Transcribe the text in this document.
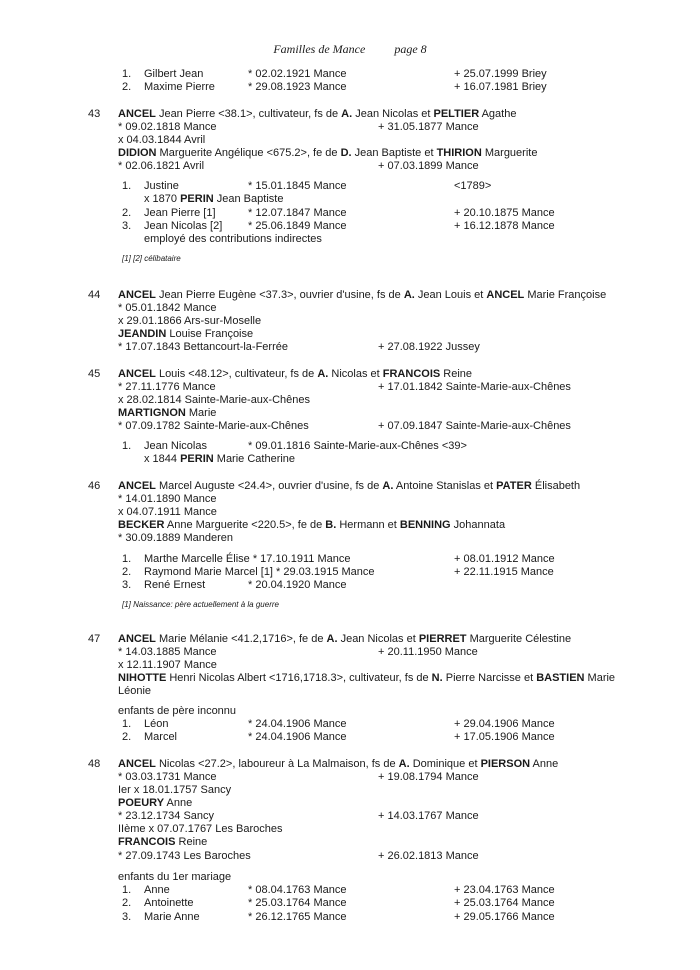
Familles de Mance page 8
1. Gilbert Jean	* 02.02.1921 Mance	+ 25.07.1999 Briey
2. Maxime Pierre	* 29.08.1923 Mance	+ 16.07.1981 Briey
43 ANCEL Jean Pierre <38.1>, cultivateur, fs de A. Jean Nicolas et PELTIER Agathe
* 09.02.1818 Mance	+ 31.05.1877 Mance
x 04.03.1844 Avril
DIDION Marguerite Angélique <675.2>, fe de D. Jean Baptiste et THIRION Marguerite
* 02.06.1821 Avril	+ 07.03.1899 Mance
1. Justine	* 15.01.1845 Mance	<1789>
x 1870 PERIN Jean Baptiste
2. Jean Pierre [1]	* 12.07.1847 Mance	+ 20.10.1875 Mance
3. Jean Nicolas [2] * 25.06.1849 Mance	+ 16.12.1878 Mance
employé des contributions indirectes
[1] [2] célibataire
44 ANCEL Jean Pierre Eugène <37.3>, ouvrier d'usine, fs de A. Jean Louis et ANCEL Marie Françoise
* 05.01.1842 Mance
x 29.01.1866 Ars-sur-Moselle
JEANDIN Louise Françoise
* 17.07.1843 Bettancourt-la-Ferrée	+ 27.08.1922 Jussey
45 ANCEL Louis <48.12>, cultivateur, fs de A. Nicolas et FRANCOIS Reine
* 27.11.1776 Mance	+ 17.01.1842 Sainte-Marie-aux-Chênes
x 28.02.1814 Sainte-Marie-aux-Chênes
MARTIGNON Marie
* 07.09.1782 Sainte-Marie-aux-Chênes	+ 07.09.1847 Sainte-Marie-aux-Chênes
1. Jean Nicolas	* 09.01.1816 Sainte-Marie-aux-Chênes <39>
x 1844 PERIN Marie Catherine
46 ANCEL Marcel Auguste <24.4>, ouvrier d'usine, fs de A. Antoine Stanislas et PATER Élisabeth
* 14.01.1890 Mance
x 04.07.1911 Mance
BECKER Anne Marguerite <220.5>, fe de B. Hermann et BENNING Johannata
* 30.09.1889 Manderen
1. Marthe Marcelle Élise * 17.10.1911 Mance	+ 08.01.1912 Mance
2. Raymond Marie Marcel [1] * 29.03.1915 Mance	+ 22.11.1915 Mance
3. René Ernest	* 20.04.1920 Mance
[1] Naissance: père actuellement à la guerre
47 ANCEL Marie Mélanie <41.2,1716>, fe de A. Jean Nicolas et PIERRET Marguerite Célestine
* 14.03.1885 Mance	+ 20.11.1950 Mance
x 12.11.1907 Mance
NIHOTTE Henri Nicolas Albert <1716,1718.3>, cultivateur, fs de N. Pierre Narcisse et BASTIEN Marie
Léonie
enfants de père inconnu
1. Léon	* 24.04.1906 Mance	+ 29.04.1906 Mance
2. Marcel	* 24.04.1906 Mance	+ 17.05.1906 Mance
48 ANCEL Nicolas <27.2>, laboureur à La Malmaison, fs de A. Dominique et PIERSON Anne
* 03.03.1731 Mance	+ 19.08.1794 Mance
Ier x 18.01.1757 Sancy
POEURY Anne
* 23.12.1734 Sancy	+ 14.03.1767 Mance
IIème x 07.07.1767 Les Baroches
FRANCOIS Reine
* 27.09.1743 Les Baroches	+ 26.02.1813 Mance
enfants du 1er mariage
1. Anne	* 08.04.1763 Mance	+ 23.04.1763 Mance
2. Antoinette	* 25.03.1764 Mance	+ 25.03.1764 Mance
3. Marie Anne	* 26.12.1765 Mance	+ 29.05.1766 Mance
